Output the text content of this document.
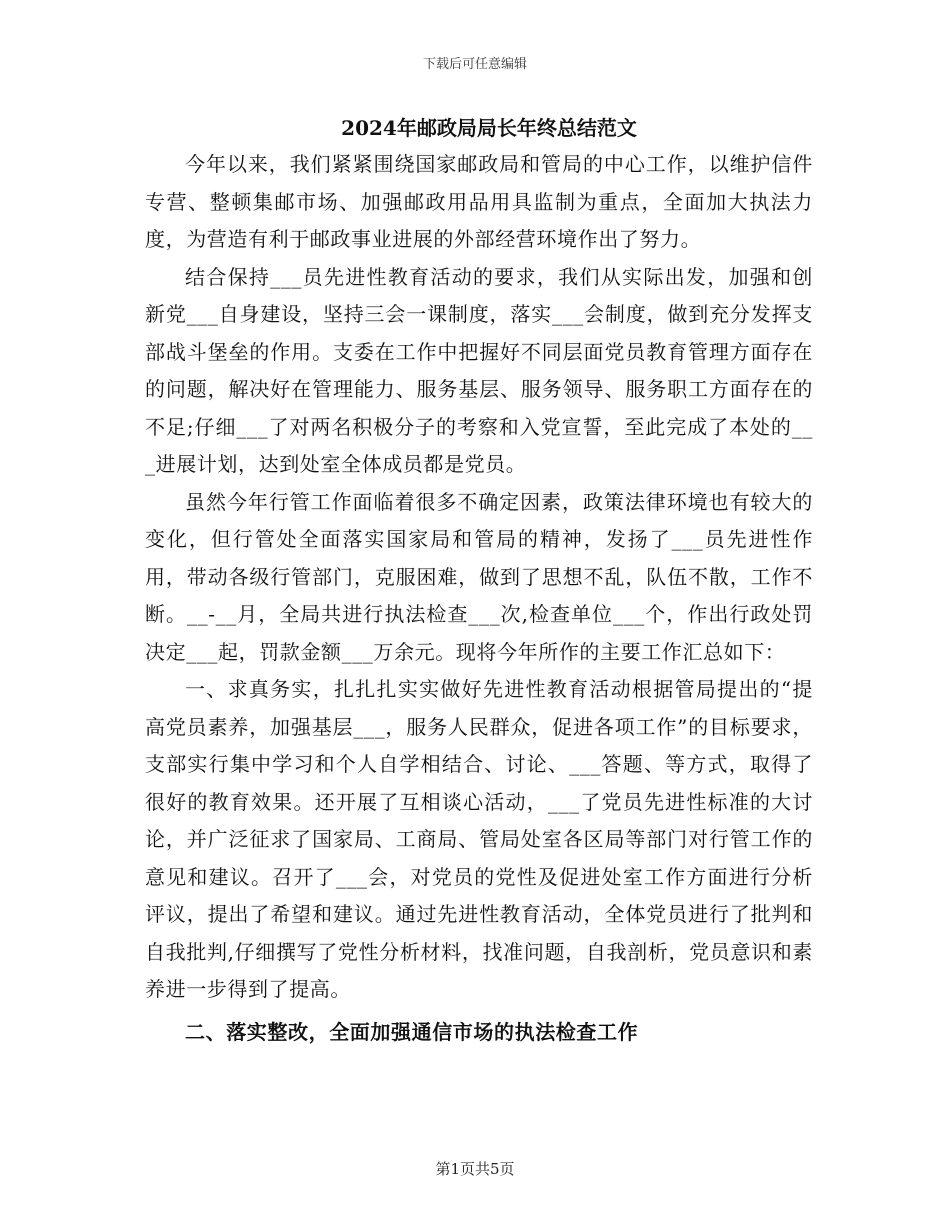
下载后可任意编辑
2024年邮政局局长年终总结范文

今年以来，我们紧紧围绕国家邮政局和管局的中心工作，以维护信件专营、整顿集邮市场、加强邮政用品用具监制为重点，全面加大执法力度，为营造有利于邮政事业进展的外部经营环境作出了努力。

结合保持___员先进性教育活动的要求，我们从实际出发，加强和创新党___自身建设，坚持三会一课制度，落实___会制度，做到充分发挥支部战斗堡垒的作用。支委在工作中把握好不同层面党员教育管理方面存在的问题，解决好在管理能力、服务基层、服务领导、服务职工方面存在的不足;仔细___了对两名积极分子的考察和入党宣誓，至此完成了本处的___进展计划，达到处室全体成员都是党员。

虽然今年行管工作面临着很多不确定因素，政策法律环境也有较大的变化，但行管处全面落实国家局和管局的精神，发扬了___员先进性作用，带动各级行管部门，克服困难，做到了思想不乱，队伍不散，工作不断。__-__月，全局共进行执法检查___次,检查单位___个，作出行政处罚决定___起，罚款金额___万余元。现将今年所作的主要工作汇总如下：

一、求真务实，扎扎扎实实做好先进性教育活动根据管局提出的“提高党员素养，加强基层___，服务人民群众，促进各项工作”的目标要求，支部实行集中学习和个人自学相结合、讨论、___答题、等方式，取得了很好的教育效果。还开展了互相谈心活动，___了党员先进性标准的大讨论，并广泛征求了国家局、工商局、管局处室各区局等部门对行管工作的意见和建议。召开了___会，对党员的党性及促进处室工作方面进行分析评议，提出了希望和建议。通过先进性教育活动，全体党员进行了批判和自我批判,仔细撰写了党性分析材料，找准问题，自我剖析，党员意识和素养进一步得到了提高。

二、落实整改，全面加强通信市场的执法检查工作
第1页共5页
